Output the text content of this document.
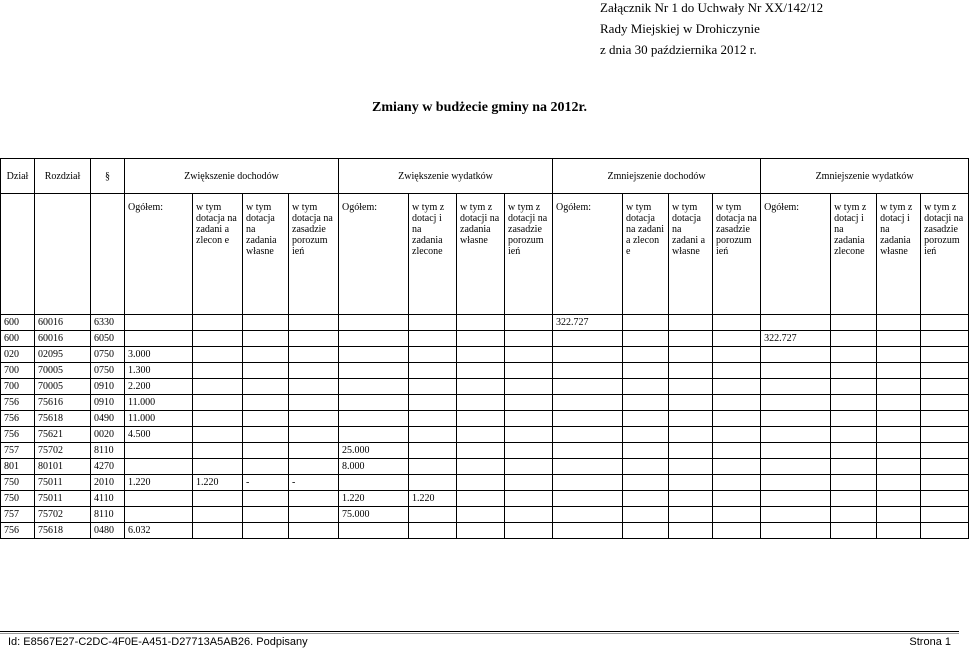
Załącznik Nr 1 do Uchwały Nr XX/142/12
Rady Miejskiej w Drohiczynie
z dnia 30 października 2012 r.
Zmiany w budżecie gminy na 2012r.
Dział	Rozdział	§	Zwiększenie dochodów				Zwiększenie wydatków				Zmniejszenie dochodów				Zmniejszenie wydatków			
			Ogółem:	w tym dotacja na zadani a zlecon e	w tym dotacja na zadania własne	w tym dotacja na zasadzie porozum ień	Ogółem:	w tym z dotacj i na zadania zlecone	w tym z dotacji na zadania własne	w tym z dotacji na zasadzie porozum ień	Ogółem:	w tym dotacja na zadani a zlecon e	w tym dotacja na zadani a własne	w tym dotacja na zasadzie porozum ień	Ogółem:	w tym z dotacj i na zadania zlecone	w tym z dotacj i na zadania własne	w tym z dotacji na zasadzie porozum ień
600	60016	6330									322.727							
600	60016	6050													322.727			
020	02095	0750	3.000															
700	70005	0750	1.300															
700	70005	0910	2.200															
756	75616	0910	11.000															
756	75618	0490	11.000															
756	75621	0020	4.500															
757	75702	8110					25.000											
801	80101	4270					8.000											
750	75011	2010	1.220	1.220	-	-												
750	75011	4110					1.220	1.220										
757	75702	8110					75.000											
756	75618	0480	6.032															
Id: E8567E27-C2DC-4F0E-A451-D27713A5AB26. Podpisany	Strona 1
